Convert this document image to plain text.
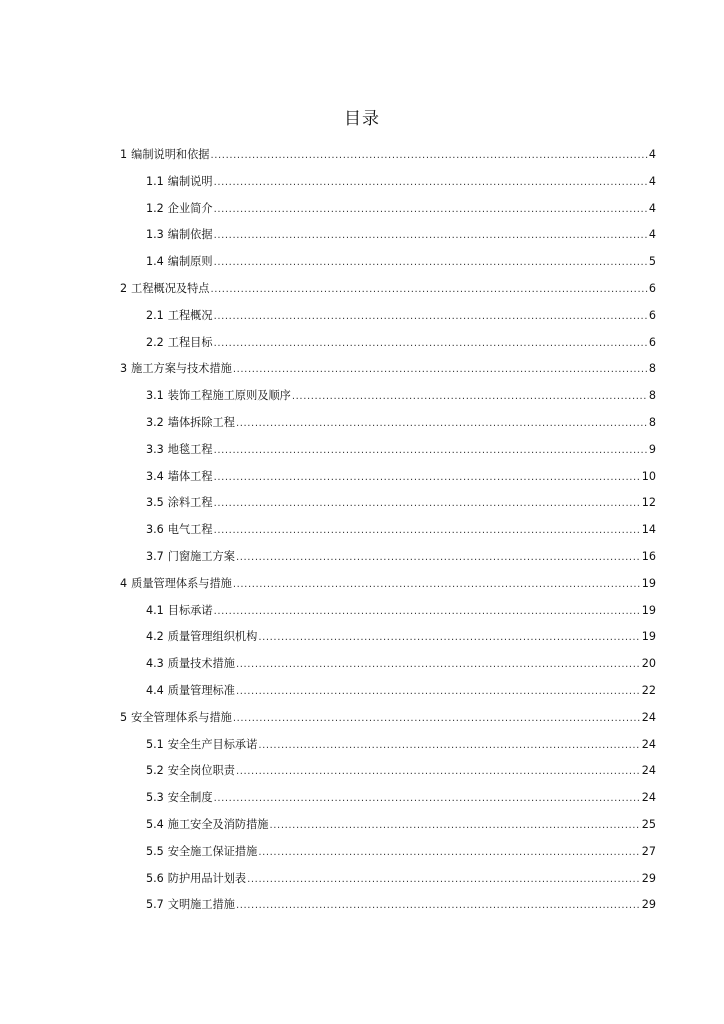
目录
1 编制说明和依据 .....	4
1.1 编制说明 .....	4
1.2 企业简介 .....	4
1.3 编制依据 .....	4
1.4 编制原则 .....	5
2 工程概况及特点 .....	6
2.1 工程概况 .....	6
2.2 工程目标 .....	6
3 施工方案与技术措施 .....	8
3.1 装饰工程施工原则及顺序 .....	8
3.2 墙体拆除工程 .....	8
3.3 地毯工程 .....	9
3.4 墙体工程 .....	10
3.5 涂料工程 .....	12
3.6 电气工程 .....	14
3.7 门窗施工方案 .....	16
4 质量管理体系与措施 .....	19
4.1 目标承诺 .....	19
4.2 质量管理组织机构 .....	19
4.3 质量技术措施 .....	20
4.4 质量管理标准 .....	22
5 安全管理体系与措施 .....	24
5.1 安全生产目标承诺 .....	24
5.2 安全岗位职责 .....	24
5.3 安全制度 .....	24
5.4 施工安全及消防措施 .....	25
5.5 安全施工保证措施 .....	27
5.6 防护用品计划表 .....	29
5.7 文明施工措施 .....	29
